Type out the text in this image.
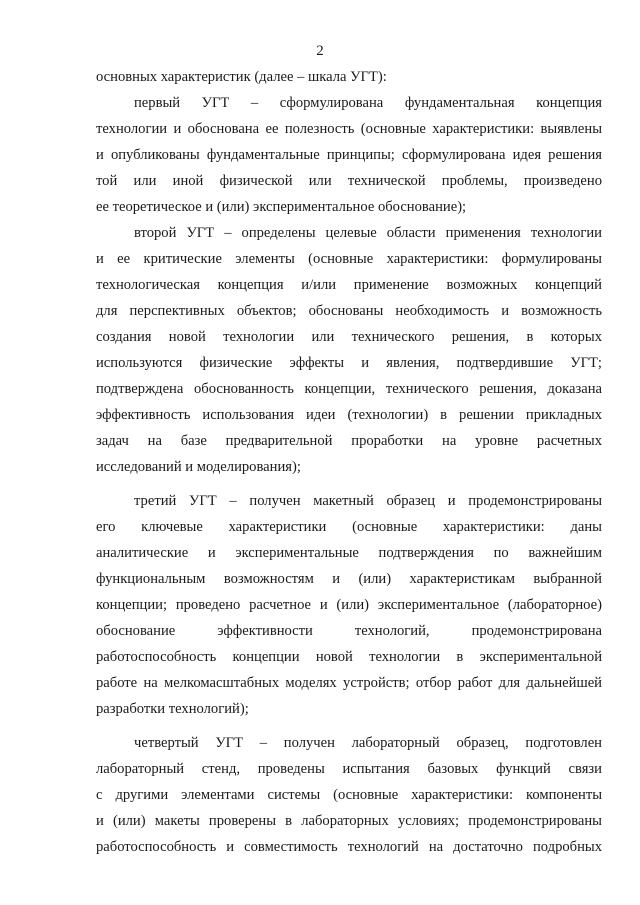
2

основных характеристик (далее – шкала УГТ):

первый УГТ – сформулирована фундаментальная концепция
технологии и обоснована ее полезность (основные характеристики: выявлены
и опубликованы фундаментальные принципы; сформулирована идея решения
той или иной физической или технической проблемы, произведено
ее теоретическое и (или) экспериментальное обоснование);
второй УГТ – определены целевые области применения технологии
и ее критические элементы (основные характеристики: формулированы
технологическая концепция и/или применение возможных концепций
для перспективных объектов; обоснованы необходимость и возможность
создания новой технологии или технического решения, в которых
используются физические эффекты и явления, подтвердившие УГТ;
подтверждена обоснованность концепции, технического решения, доказана
эффективность использования идеи (технологии) в решении прикладных
задач на базе предварительной проработки на уровне расчетных
исследований и моделирования);
третий УГТ – получен макетный образец и продемонстрированы
его ключевые характеристики (основные характеристики: даны
аналитические и экспериментальные подтверждения по важнейшим
функциональным возможностям и (или) характеристикам выбранной
концепции; проведено расчетное и (или) экспериментальное (лабораторное)
обоснование эффективности технологий, продемонстрирована
работоспособность концепции новой технологии в экспериментальной
работе на мелкомасштабных моделях устройств; отбор работ для дальнейшей
разработки технологий);
четвертый УГТ – получен лабораторный образец, подготовлен
лабораторный стенд, проведены испытания базовых функций связи
с другими элементами системы (основные характеристики: компоненты
и (или) макеты проверены в лабораторных условиях; продемонстрированы
работоспособность и совместимость технологий на достаточно подробных
